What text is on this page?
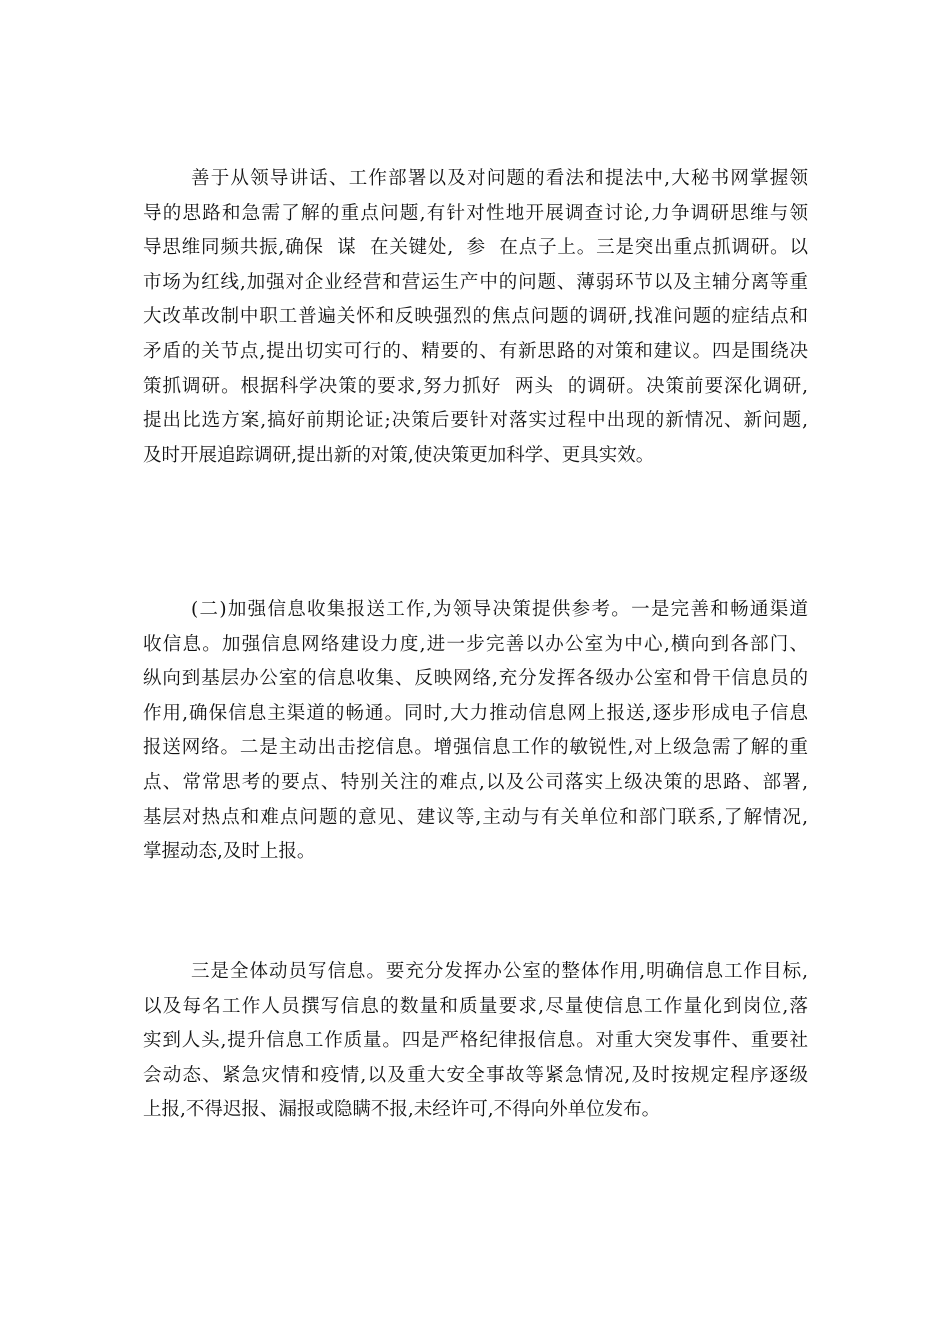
善于从领导讲话、工作部署以及对问题的看法和提法中,大秘书网掌握领
导的思路和急需了解的重点问题,有针对性地开展调查讨论,力争调研思维与领
导思维同频共振,确保  谋  在关键处,  参  在点子上。三是突出重点抓调研。以
市场为红线,加强对企业经营和营运生产中的问题、薄弱环节以及主辅分离等重
大改革改制中职工普遍关怀和反映强烈的焦点问题的调研,找准问题的症结点和
矛盾的关节点,提出切实可行的、精要的、有新思路的对策和建议。四是围绕决
策抓调研。根据科学决策的要求,努力抓好  两头  的调研。决策前要深化调研,
提出比选方案,搞好前期论证;决策后要针对落实过程中出现的新情况、新问题,
及时开展追踪调研,提出新的对策,使决策更加科学、更具实效。
(二)加强信息收集报送工作,为领导决策提供参考。一是完善和畅通渠道
收信息。加强信息网络建设力度,进一步完善以办公室为中心,横向到各部门、
纵向到基层办公室的信息收集、反映网络,充分发挥各级办公室和骨干信息员的
作用,确保信息主渠道的畅通。同时,大力推动信息网上报送,逐步形成电子信息
报送网络。二是主动出击挖信息。增强信息工作的敏锐性,对上级急需了解的重
点、常常思考的要点、特别关注的难点,以及公司落实上级决策的思路、部署,
基层对热点和难点问题的意见、建议等,主动与有关单位和部门联系,了解情况,
掌握动态,及时上报。
三是全体动员写信息。要充分发挥办公室的整体作用,明确信息工作目标,
以及每名工作人员撰写信息的数量和质量要求,尽量使信息工作量化到岗位,落
实到人头,提升信息工作质量。四是严格纪律报信息。对重大突发事件、重要社
会动态、紧急灾情和疫情,以及重大安全事故等紧急情况,及时按规定程序逐级
上报,不得迟报、漏报或隐瞒不报,未经许可,不得向外单位发布。
